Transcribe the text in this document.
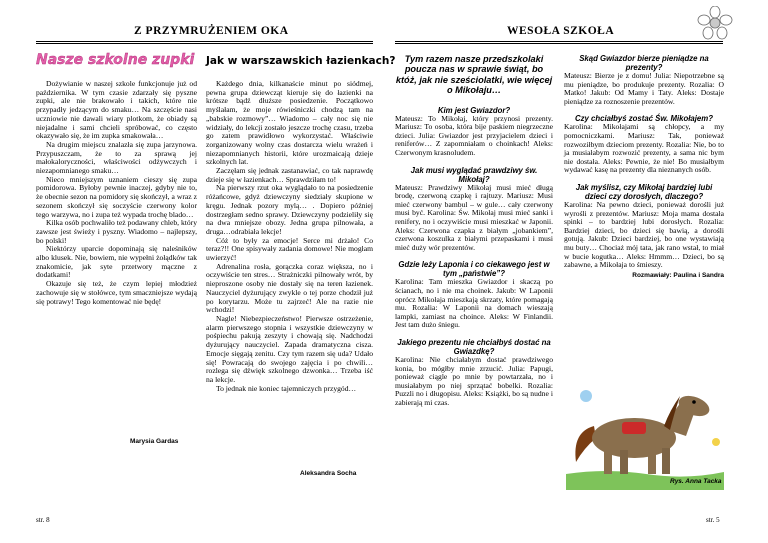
Z PRZYMRUŻENIEM OKA
Nasze szkolne zupki Jak w warszawskich łazienkach?

Dożywianie w naszej szkole funkcjonuje już od października. W tym czasie zdarzały się pyszne zupki, ale nie brakowało i takich, które nie przypadły jedzącym do smaku… Na szczęście nasi uczniowie nie dawali wiary plotkom, że obiady są niejadalne i sami chcieli spróbować, co często okazywało się, że im zupka smakowała…

Na drugim miejscu znalazła się zupa jarzynowa. Przypuszczam, że to za sprawą jej małokaloryczności, właściwości odżywczych i niezapomnianego smaku…

Nieco mniejszym uznaniem cieszy się zupa pomidorowa. Byłoby pewnie inaczej, gdyby nie to, że obecnie sezon na pomidory się skończył, a wraz z sezonem skończył się soczyście czerwony kolor tego warzywa, no i zupa też wypada trochę blado…

Kilka osób pochwaliło też podawany chleb, który zawsze jest świeży i pyszny. Wiadomo – najlepszy, bo polski!

Niektórzy uparcie dopominają się naleśników albo klusek. Nie, bowiem, nie wypełni żołądków tak znakomicie, jak syte przetwory mączne z dodatkami!

Okazuje się też, że czym lepiej młodzież zachowuje się w stołówce, tym smaczniejsze wydają się potrawy! Tego komentować nie będę!

Marysia Gardas

Każdego dnia, kilkanaście minut po siódmej, pewna grupa dziewcząt kieruje się do łazienki na krótsze bądź dłuższe posiedzenie. Początkowo myślałam, że moje rówieśniczki chodzą tam na „babskie rozmowy”… Wiadomo – cały noc się nie widziały, do lekcji zostało jeszcze trochę czasu, trzeba go zatem prawidłowo wykorzystać. Właściwie zorganizowany wolny czas dostarcza wielu wrażeń i niezapomnianych historii, które urozmaicają dzieje szkolnych lat.

Zaczęłam się jednak zastanawiać, co tak naprawdę dzieje się w łazienkach… Sprawdziłam to!

Na pierwszy rzut oka wyglądało to na posiedzenie różańcowe, gdyż dziewczyny siedziały skupione w kręgu. Jednak pozory mylą… . Dopiero później dostrzegłam sedno sprawy. Dziewczyny podzieliły się na dwa mniejsze obozy. Jedna grupa pilnowała, a druga…odrabiała lekcje!

Cóż to były za emocje! Serce mi drżało! Co teraz?!! One spisywały zadania domowe! Nie mogłam uwierzyć!

Adrenalina rosła, gorączka coraz większa, no i oczywiście ten stres… Strażniczki pilnowały wrót, by nieproszone osoby nie dostały się na teren łazienek. Nauczyciel dyżurujący zwykle o tej porze chodził już po korytarzu. Może tu zajrzeć! Ale na razie nie wchodzi!

Nagle! Niebezpieczeństwo! Pierwsze ostrzeżenie, alarm pierwszego stopnia i wszystkie dziewczyny w pośpiechu pakują zeszyty i chowają się. Nadchodzi dyżurujący nauczyciel. Zapada dramatyczna cisza. Emocje sięgają zenitu. Czy tym razem się uda? Udało się! Powracają do swojego zajęcia i po chwili… rozlega się dźwięk szkolnego dzwonka… Trzeba iść na lekcje.

To jednak nie koniec tajemniczych przygód…

Aleksandra Socha
str. 8
WESOŁA SZKOŁA

Tym razem nasze przedszkolaki poucza nas w sprawie świąt, bo któż, jak nie sześciolatki, wie więcej o Mikołaju…

Kim jest Gwiazdor?

Mateusz: To Mikołaj, który przynosi prezenty. Mariusz: To osoba, która bije paskiem niegrzeczne dzieci. Julia: Gwiazdor jest przyjacielem dzieci i reniferów… Z zapomniałam o choinkach! Aleks: Czerwonym krasnoludem.

Jak musi wyglądać prawdziwy św. Mikołaj?

Mateusz: Prawdziwy Mikołaj musi mieć długą brodę, czerwoną czapkę i rajtuzy. Mariusz: Musi mieć czerwony bambul – w gule… cały czerwony musi być. Karolina: Św. Mikołaj musi mieć sanki i renifery, no i oczywiście musi mieszkać w Japonii. Aleks: Czerwona czapka z białym „jobankiem”, czerwona koszulka z białymi przepaskami i musi mieć duży wór prezentów.

Gdzie leży Laponia i co ciekawego jest w tym „państwie”?

Karolina: Tam mieszka Gwiazdor i skaczą po ścianach, no i nie ma choinek. Jakub: W Laponii oprócz Mikołaja mieszkają skrzaty, które pomagają mu. Rozalia: W Laponii na domach wieszają lampki, zamiast na choince. Aleks: W Finlandii. Jest tam dużo śniegu.

Jakiego prezentu nie chciałbyś dostać na Gwiazdkę?

Karolina: Nie chciałabym dostać prawdziwego konia, bo mógłby mnie zrzucić. Julia: Papugi, ponieważ ciągle po mnie by powtarzała, no i musiałabym po niej sprzątać bobelki. Rozalia: Puzzli no i długopisu. Aleks: Książki, bo są nudne i zabierają mi czas.

Skąd Gwiazdor bierze pieniądze na prezenty?

Mateusz: Bierze je z domu! Julia: Niepotrzebne są mu pieniądze, bo produkuje prezenty. Rozalia: O Matko! Jakub: Od Mamy i Taty. Aleks: Dostaje pieniądze za roznoszenie prezentów.

Czy chciałbyś zostać Św. Mikołajem?

Karolina: Mikołajami są chłopcy, a my pomocniczkami. Mariusz: Tak, ponieważ rozwoziłbym dzieciom prezenty. Rozalia: Nie, bo to ja musiałabym rozwozić prezenty, a sama nic bym nie dostała. Aleks: Pewnie, że nie! Bo musiałbym wydawać kasę na prezenty dla nieznanych osób.

Jak myślisz, czy Mikołaj bardziej lubi dzieci czy dorosłych, dlaczego?

Karolina: Na pewno dzieci, ponieważ dorośli już wyrośli z prezentów. Mariusz: Moja mama dostała spinki – to bardziej lubi dorosłych. Rozalia: Bardziej dzieci, bo dzieci się bawią, a dorośli gotują. Jakub: Dzieci bardziej, bo one wystawiają mu buty… Chociaż mój tata, jak rano wstał, to miał w bucie kogutka… Aleks: Hmmm… Dzieci, bo są zabawne, a Mikołaja to śmieszy.

Rozmawiały: Paulina i Sandra
Rys. Anna Tacka
str. 5
